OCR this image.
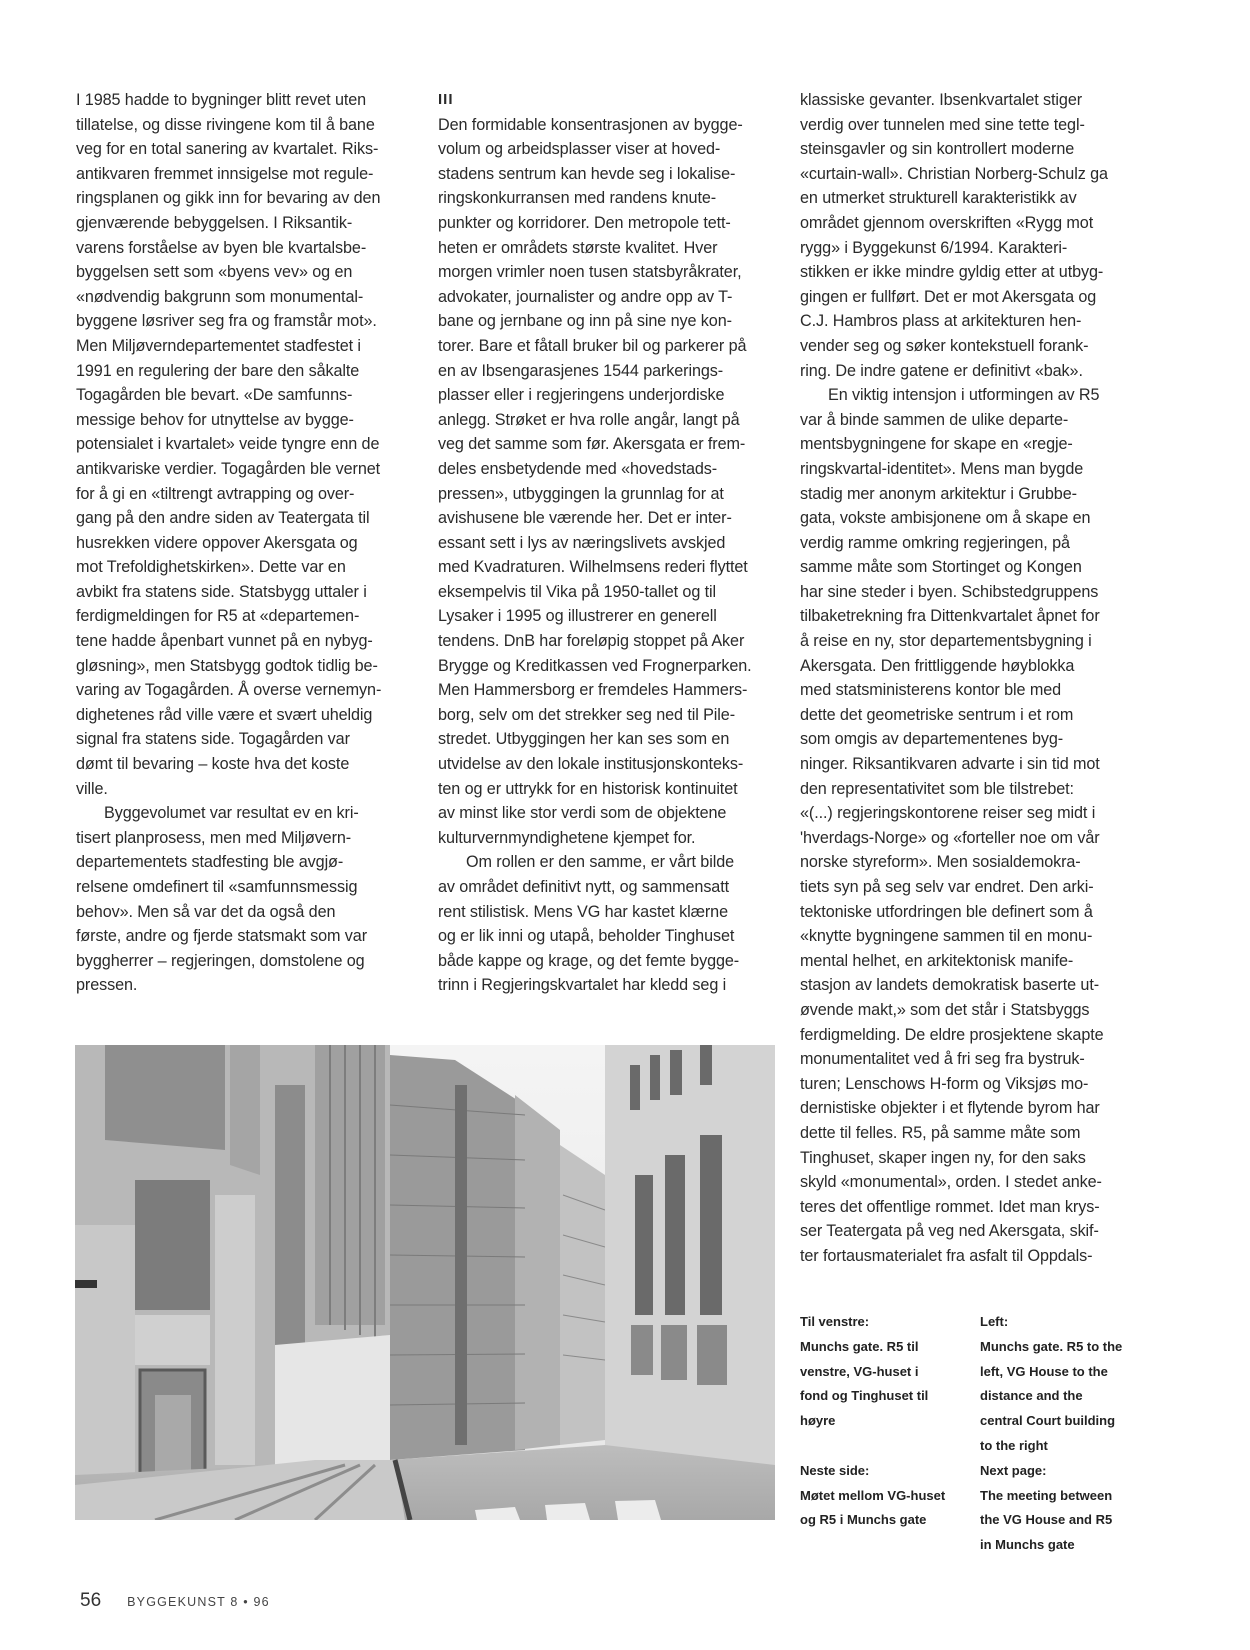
I 1985 hadde to bygninger blitt revet uten
tillatelse, og disse rivingene kom til å bane
veg for en total sanering av kvartalet. Riks-
antikvaren fremmet innsigelse mot regule-
ringsplanen og gikk inn for bevaring av den
gjenværende bebyggelsen. I Riksantik-
varens forståelse av byen ble kvartalsbe-
byggelsen sett som «byens vev» og en
«nødvendig bakgrunn som monumental-
byggene løsriver seg fra og framstår mot».
Men Miljøverndepartementet stadfestet i
1991 en regulering der bare den såkalte
Togagården ble bevart. «De samfunns-
messige behov for utnyttelse av bygge-
potensialet i kvartalet» veide tyngre enn de
antikvariske verdier. Togagården ble vernet
for å gi en «tiltrengt avtrapping og over-
gang på den andre siden av Teatergata til
husrekken videre oppover Akersgata og
mot Trefoldighetskirken». Dette var en
avbikt fra statens side. Statsbygg uttaler i
ferdigmeldingen for R5 at «departemen-
tene hadde åpenbart vunnet på en nybyg-
gløsning», men Statsbygg godtok tidlig be-
varing av Togagården. Å overse vernemyn-
dighetenes råd ville være et svært uheldig
signal fra statens side. Togagården var
dømt til bevaring – koste hva det koste
ville.
Byggevolumet var resultat ev en kri-
tisert planprosess, men med Miljøvern-
departementets stadfesting ble avgjø-
relsene omdefinert til «samfunnsmessig
behov». Men så var det da også den
første, andre og fjerde statsmakt som var
byggherrer – regjeringen, domstolene og
pressen.
III
Den formidable konsentrasjonen av bygge-
volum og arbeidsplasser viser at hoved-
stadens sentrum kan hevde seg i lokalise-
ringskonkurransen med randens knute-
punkter og korridorer. Den metropole tett-
heten er områdets største kvalitet. Hver
morgen vrimler noen tusen statsbyråkrater,
advokater, journalister og andre opp av T-
bane og jernbane og inn på sine nye kon-
torer. Bare et fåtall bruker bil og parkerer på
en av Ibsengarasjenes 1544 parkerings-
plasser eller i regjeringens underjordiske
anlegg. Strøket er hva rolle angår, langt på
veg det samme som før. Akersgata er frem-
deles ensbetydende med «hovedstads-
pressen», utbyggingen la grunnlag for at
avishusene ble værende her. Det er inter-
essant sett i lys av næringslivets avskjed
med Kvadraturen. Wilhelmsens rederi flyttet
eksempelvis til Vika på 1950-tallet og til
Lysaker i 1995 og illustrerer en generell
tendens. DnB har foreløpig stoppet på Aker
Brygge og Kreditkassen ved Frognerparken.
Men Hammersborg er fremdeles Hammers-
borg, selv om det strekker seg ned til Pile-
stredet. Utbyggingen her kan ses som en
utvidelse av den lokale institusjonskonteks-
ten og er uttrykk for en historisk kontinuitet
av minst like stor verdi som de objektene
kulturvernmyndighetene kjempet for.
Om rollen er den samme, er vårt bilde
av området definitivt nytt, og sammensatt
rent stilistisk. Mens VG har kastet klærne
og er lik inni og utapå, beholder Tinghuset
både kappe og krage, og det femte bygge-
trinn i Regjeringskvartalet har kledd seg i
klassiske gevanter. Ibsenkvartalet stiger
verdig over tunnelen med sine tette tegl-
steinsgavler og sin kontrollert moderne
«curtain-wall». Christian Norberg-Schulz ga
en utmerket strukturell karakteristikk av
området gjennom overskriften «Rygg mot
rygg» i Byggekunst 6/1994. Karakteri-
stikken er ikke mindre gyldig etter at utbyg-
gingen er fullført. Det er mot Akersgata og
C.J. Hambros plass at arkitekturen hen-
vender seg og søker kontekstuell forank-
ring. De indre gatene er definitivt «bak».
En viktig intensjon i utformingen av R5
var å binde sammen de ulike departe-
mentsbygningene for skape en «regje-
ringskvartal-identitet». Mens man bygde
stadig mer anonym arkitektur i Grubbe-
gata, vokste ambisjonene om å skape en
verdig ramme omkring regjeringen, på
samme måte som Stortinget og Kongen
har sine steder i byen. Schibstedgruppens
tilbaketrekning fra Dittenkvartalet åpnet for
å reise en ny, stor departementsbygning i
Akersgata. Den frittliggende høyblokka
med statsministerens kontor ble med
dette det geometriske sentrum i et rom
som omgis av departementenes byg-
ninger. Riksantikvaren advarte i sin tid mot
den representativitet som ble tilstrebet:
«(...) regjeringskontorene reiser seg midt i
'hverdags-Norge» og «forteller noe om vår
norske styreform». Men sosialdemokra-
tiets syn på seg selv var endret. Den arki-
tektoniske utfordringen ble definert som å
«knytte bygningene sammen til en monu-
mental helhet, en arkitektonisk manife-
stasjon av landets demokratisk baserte ut-
øvende makt,» som det står i Statsbyggs
ferdigmelding. De eldre prosjektene skapte
monumentalitet ved å fri seg fra bystruk-
turen; Lenschows H-form og Viksjøs mo-
dernistiske objekter i et flytende byrom har
dette til felles. R5, på samme måte som
Tinghuset, skaper ingen ny, for den saks
skyld «monumental», orden. I stedet anke-
teres det offentlige rommet. Idet man krys-
ser Teatergata på veg ned Akersgata, skif-
ter fortausmaterialet fra asfalt til Oppdals-
Til venstre:
Munchs gate. R5 til
venstre, VG-huset i
fond og Tinghuset til
høyre
Neste side:
Møtet mellom VG-huset
og R5 i Munchs gate
Left:
Munchs gate. R5 to the
left, VG House to the
distance and the
central Court building
to the right
Next page:
The meeting between
the VG House and R5
in Munchs gate
56 BYGGEKUNST 8 • 96
